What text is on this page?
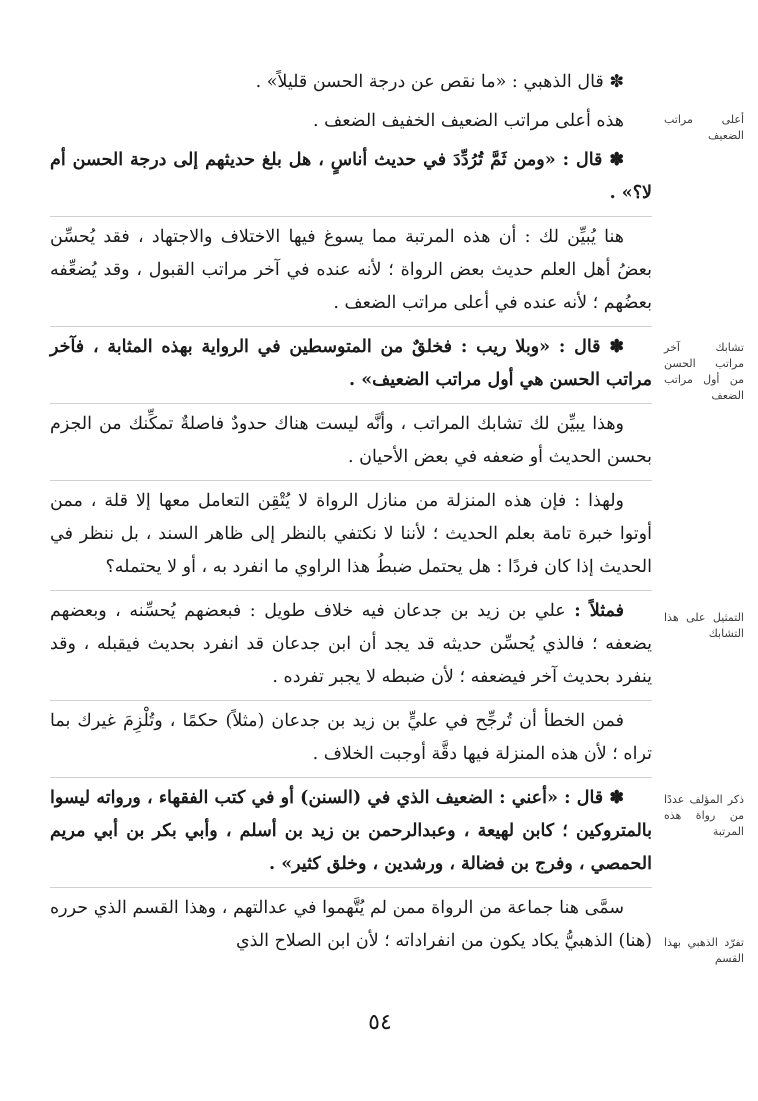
✽ قال الذهبي : «ما نقص عن درجة الحسن قليلاً» .

هذه أعلى مراتب الضعيف الخفيف الضعف .

✽ قال : «ومن ثَمَّ تُرُدِّدَ في حديث أناسٍ ، هل بلغ حديثهم إلى درجة الحسن أم لا؟» .

هنا يُبيِّن لك : أن هذه المرتبة مما يسوغ فيها الاختلاف والاجتهاد ، فقد يُحسِّن بعضُ أهل العلم حديث بعض الرواة ؛ لأنه عنده في آخر مراتب القبول ، وقد يُضعِّفه بعضُهم ؛ لأنه عنده في أعلى مراتب الضعف .

✽ قال : «وبلا ريب : فخلقٌ من المتوسطين في الرواية بهذه المثابة ، فآخر مراتب الحسن هي أول مراتب الضعيف» .

وهذا يبيِّن لك تشابك المراتب ، وأنَّه ليست هناك حدودٌ فاصلةٌ تمكِّنك من الجزم بحسن الحديث أو ضعفه في بعض الأحيان .

ولهذا : فإن هذه المنزلة من منازل الرواة لا يُتْقِن التعامل معها إلا قلة ، ممن أوتوا خبرة تامة بعلم الحديث ؛ لأننا لا نكتفي بالنظر إلى ظاهر السند ، بل ننظر في الحديث إذا كان فردًا : هل يحتمل ضبطُ هذا الراوي ما انفرد به ، أو لا يحتمله؟

فمثلاً : علي بن زيد بن جدعان فيه خلاف طويل : فبعضهم يُحسِّنه ، وبعضهم يضعفه ؛ فالذي يُحسِّن حديثه قد يجد أن ابن جدعان قد انفرد بحديث فيقبله ، وقد ينفرد بحديث آخر فيضعفه ؛ لأن ضبطه لا يجبر تفرده .

فمن الخطأ أن تُرجِّح في عليٍّ بن زيد بن جدعان (مثلاً) حكمًا ، وتُلْزِمَ غيرك بما تراه ؛ لأن هذه المنزلة فيها دقَّة أوجبت الخلاف .

✽ قال : «أعني : الضعيف الذي في (السنن) أو في كتب الفقهاء ، ورواته ليسوا بالمتروكين ؛ كابن لهيعة ، وعبدالرحمن بن زيد بن أسلم ، وأبي بكر بن أبي مريم الحمصي ، وفرج بن فضالة ، ورشدين ، وخلق كثير» .

سمَّى هنا جماعة من الرواة ممن لم يُتَّهموا في عدالتهم ، وهذا القسم الذي حرره (هنا) الذهبيُّ يكاد يكون من انفراداته ؛ لأن ابن الصلاح الذي

أعلى مراتب الضعيف
تشابك آخر مراتب الحسن من أول مراتب الضعف
التمثيل على هذا التشابك
ذكر المؤلف عددًا من رواة هذه المرتبة
تفرّد الذهبي بهذا القسم
٥٤
